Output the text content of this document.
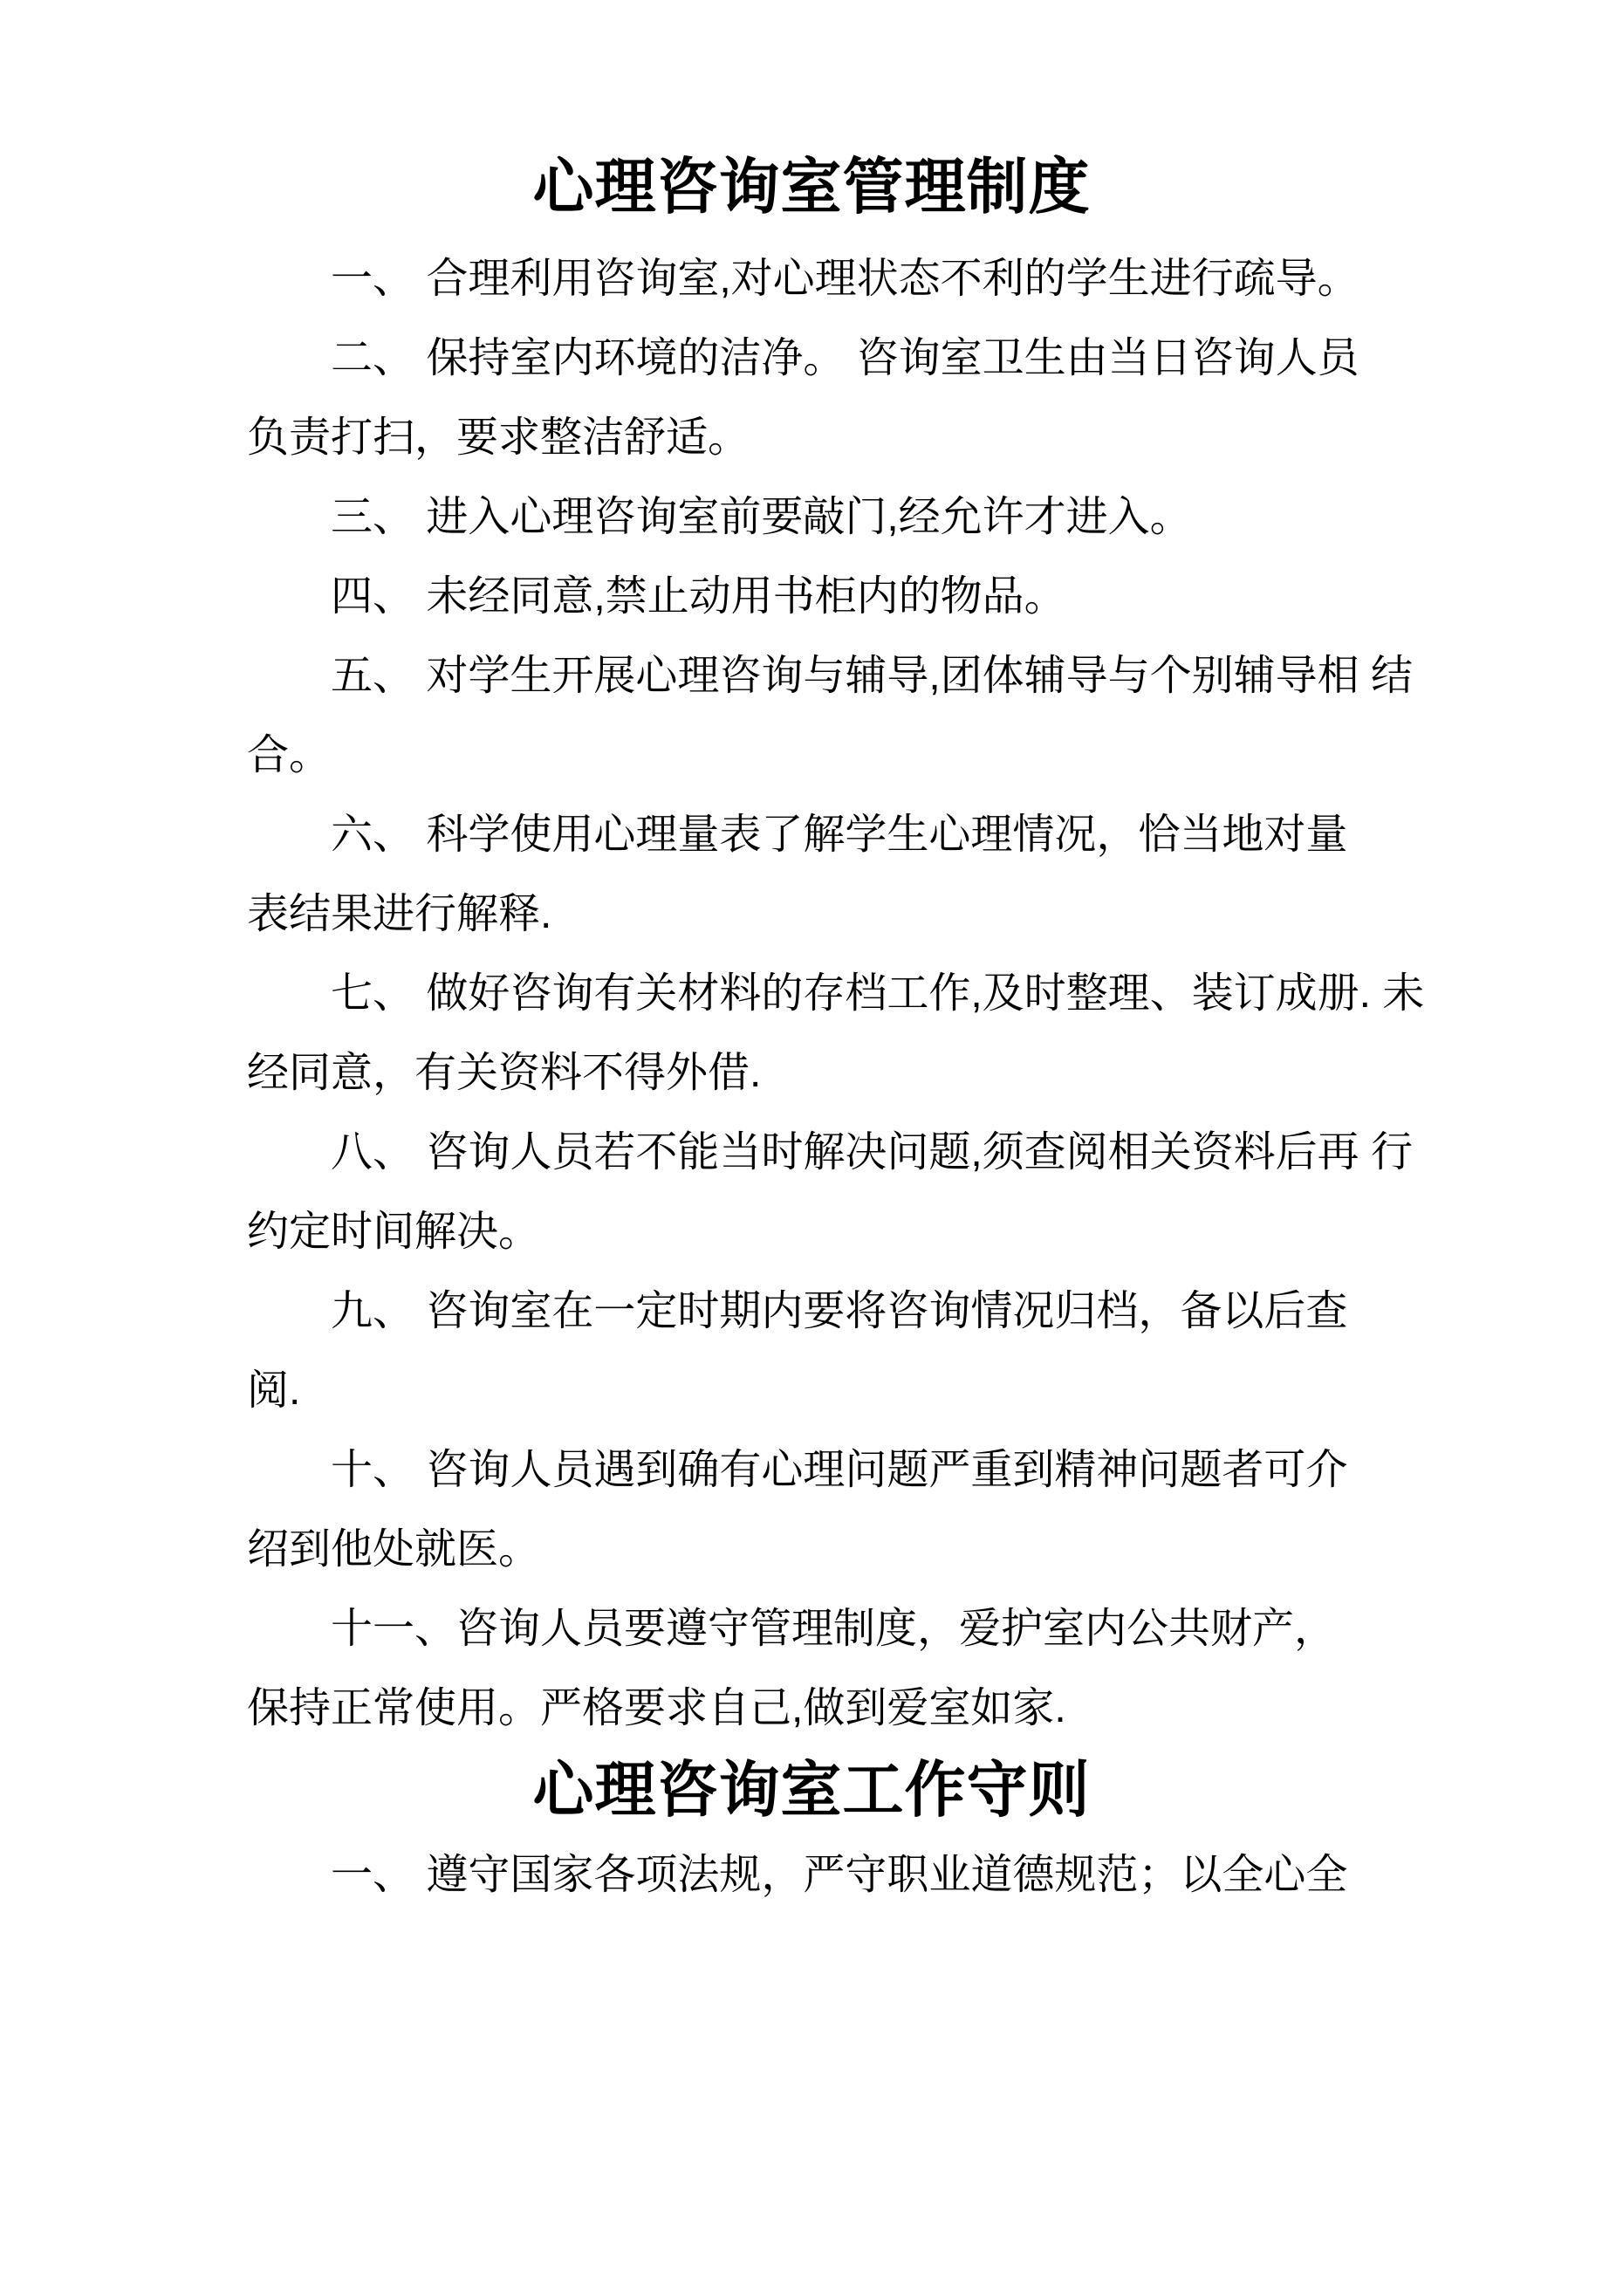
心理咨询室管理制度

一、 合理利用咨询室,对心理状态不利的学生进行疏导。

二、 保持室内环境的洁净。 咨询室卫生由当日咨询人员

负责打扫，要求整洁舒适。

三、 进入心理咨询室前要敲门,经允许才进入。

四、 未经同意,禁止动用书柜内的物品。

五、 对学生开展心理咨询与辅导,团体辅导与个别辅导相 结

合。

六、 科学使用心理量表了解学生心理情况，恰当地对量

表结果进行解释.

七、 做好咨询有关材料的存档工作,及时整理、装订成册. 未

经同意，有关资料不得外借.

八、 咨询人员若不能当时解决问题,须查阅相关资料后再 行

约定时间解决。

九、 咨询室在一定时期内要将咨询情况归档，备以后查

阅.

十、 咨询人员遇到确有心理问题严重到精神问题者可介

绍到他处就医。

十一、咨询人员要遵守管理制度，爱护室内公共财产，

保持正常使用。严格要求自己,做到爱室如家.

心理咨询室工作守则

一、 遵守国家各项法规，严守职业道德规范；以全心全
